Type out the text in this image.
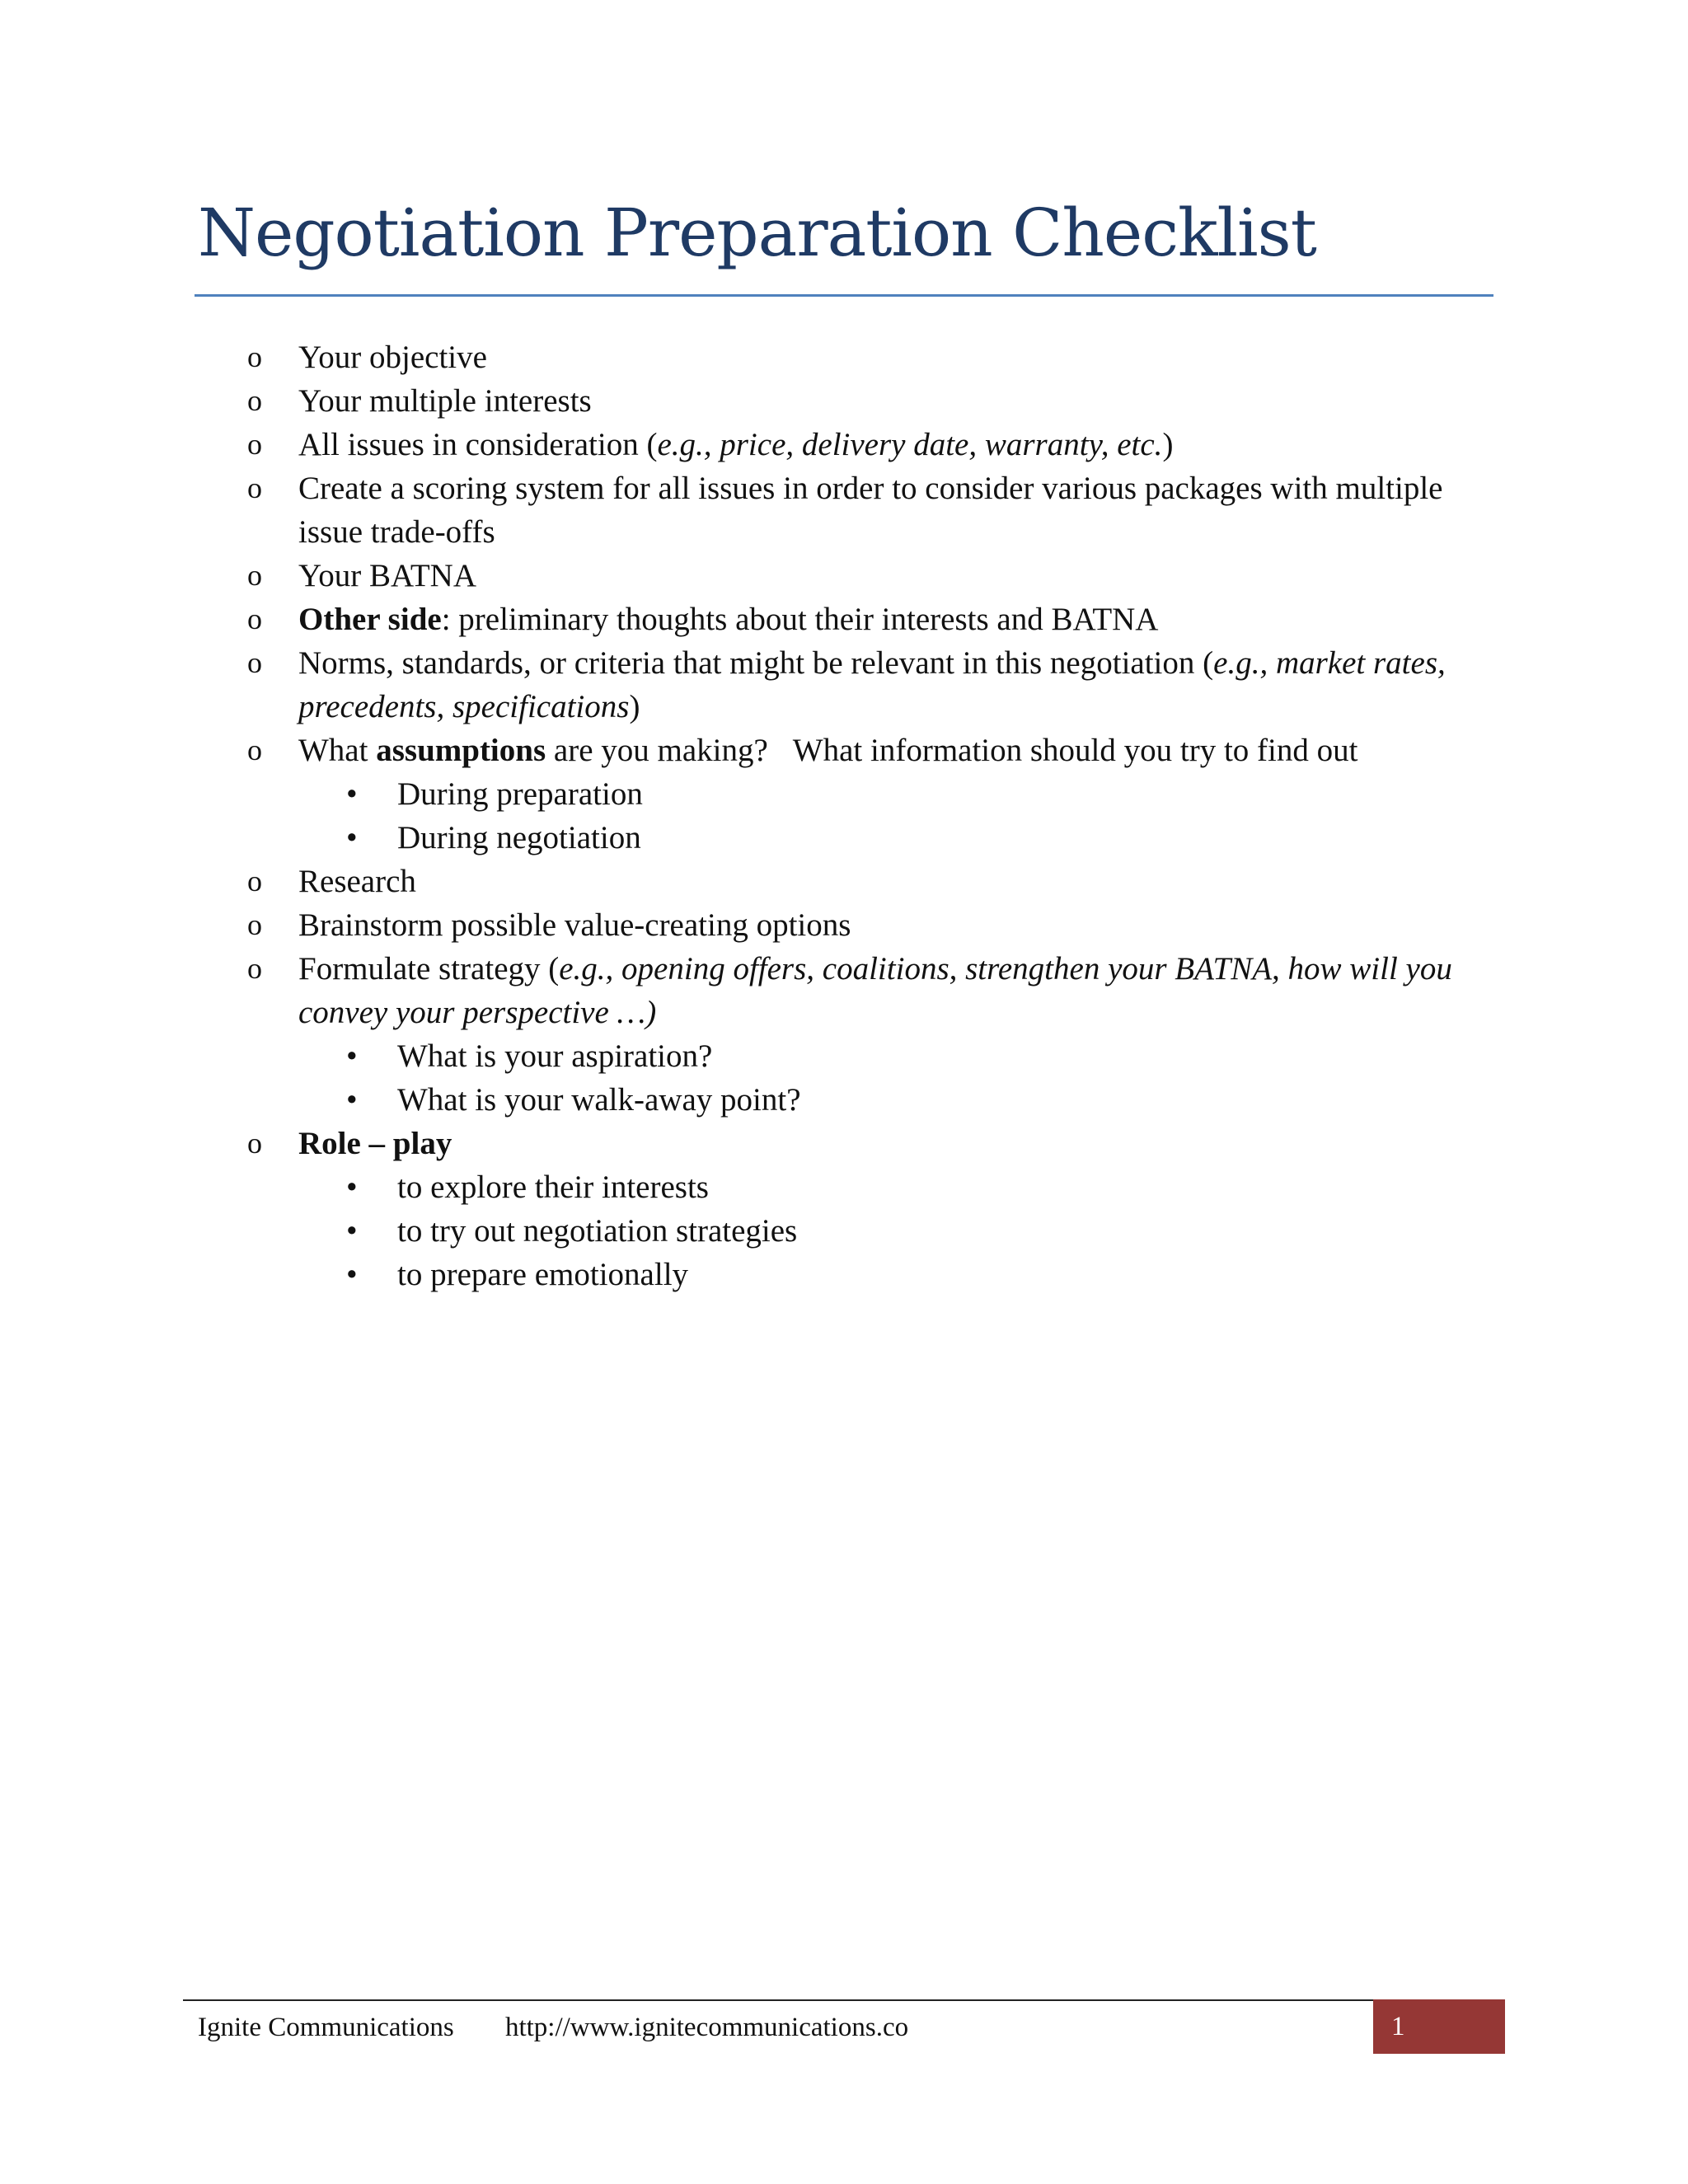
Negotiation Preparation Checklist
o Your objective
o Your multiple interests
o All issues in consideration (e.g., price, delivery date, warranty, etc.)
o Create a scoring system for all issues in order to consider various packages with multiple
issue trade-offs
o Your BATNA
o Other side: preliminary thoughts about their interests and BATNA
o Norms, standards, or criteria that might be relevant in this negotiation (e.g., market rates,
precedents, specifications)
o What assumptions are you making? What information should you try to find out
• During preparation
• During negotiation
o Research
o Brainstorm possible value-creating options
o Formulate strategy (e.g., opening offers, coalitions, strengthen your BATNA, how will you
convey your perspective …)
• What is your aspiration?
• What is your walk-away point?
o Role – play
• to explore their interests
• to try out negotiation strategies
• to prepare emotionally
Ignite Communications http://www.ignitecommunications.co	1
